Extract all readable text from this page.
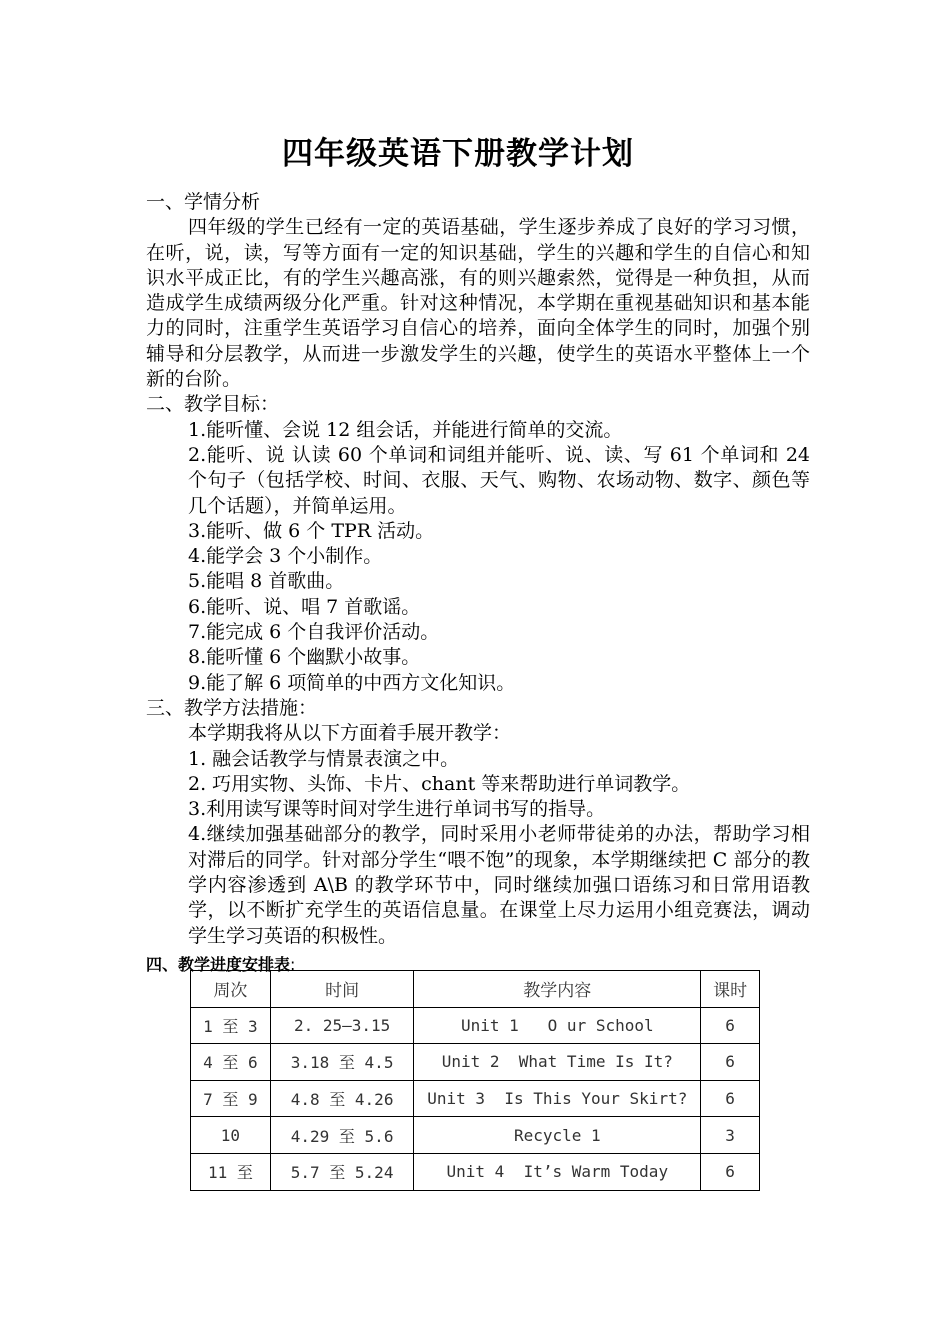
四年级英语下册教学计划

一、学情分析

四年级的学生已经有一定的英语基础，学生逐步养成了良好的学习习惯，在听，说，读，写等方面有一定的知识基础，学生的兴趣和学生的自信心和知识水平成正比，有的学生兴趣高涨，有的则兴趣索然，觉得是一种负担，从而造成学生成绩两级分化严重。针对这种情况，本学期在重视基础知识和基本能力的同时，注重学生英语学习自信心的培养，面向全体学生的同时，加强个别辅导和分层教学，从而进一步激发学生的兴趣，使学生的英语水平整体上一个新的台阶。

二、教学目标：

1.能听懂、会说 12 组会话，并能进行简单的交流。

2.能听、说 认读 60 个单词和词组并能听、说、读、写 61 个单词和 24 个句子（包括学校、时间、衣服、天气、购物、农场动物、数字、颜色等几个话题），并简单运用。

3.能听、做 6 个 TPR 活动。

4.能学会 3 个小制作。

5.能唱 8 首歌曲。

6.能听、说、唱 7 首歌谣。

7.能完成 6 个自我评价活动。

8.能听懂 6 个幽默小故事。

9.能了解 6 项简单的中西方文化知识。

三、教学方法措施：

本学期我将从以下方面着手展开教学：

1. 融会话教学与情景表演之中。

2. 巧用实物、头饰、卡片、chant 等来帮助进行单词教学。

3.利用读写课等时间对学生进行单词书写的指导。

4.继续加强基础部分的教学，同时采用小老师带徒弟的办法，帮助学习相对滞后的同学。针对部分学生“喂不饱”的现象，本学期继续把 C 部分的教学内容渗透到 A\B 的教学环节中，同时继续加强口语练习和日常用语教学，以不断扩充学生的英语信息量。在课堂上尽力运用小组竞赛法，调动学生学习英语的积极性。

四、教学进度安排表:

周次	时间	教学内容	课时
1 至 3	2. 25—3.15	Unit 1   O ur School	6
4 至 6	3.18 至 4.5	Unit 2  What Time Is It?	6
7 至 9	4.8 至 4.26	Unit 3  Is This Your Skirt?	6
10	4.29 至 5.6	Recycle 1	3
11 至	5.7 至 5.24	Unit 4  It’s Warm Today	6
